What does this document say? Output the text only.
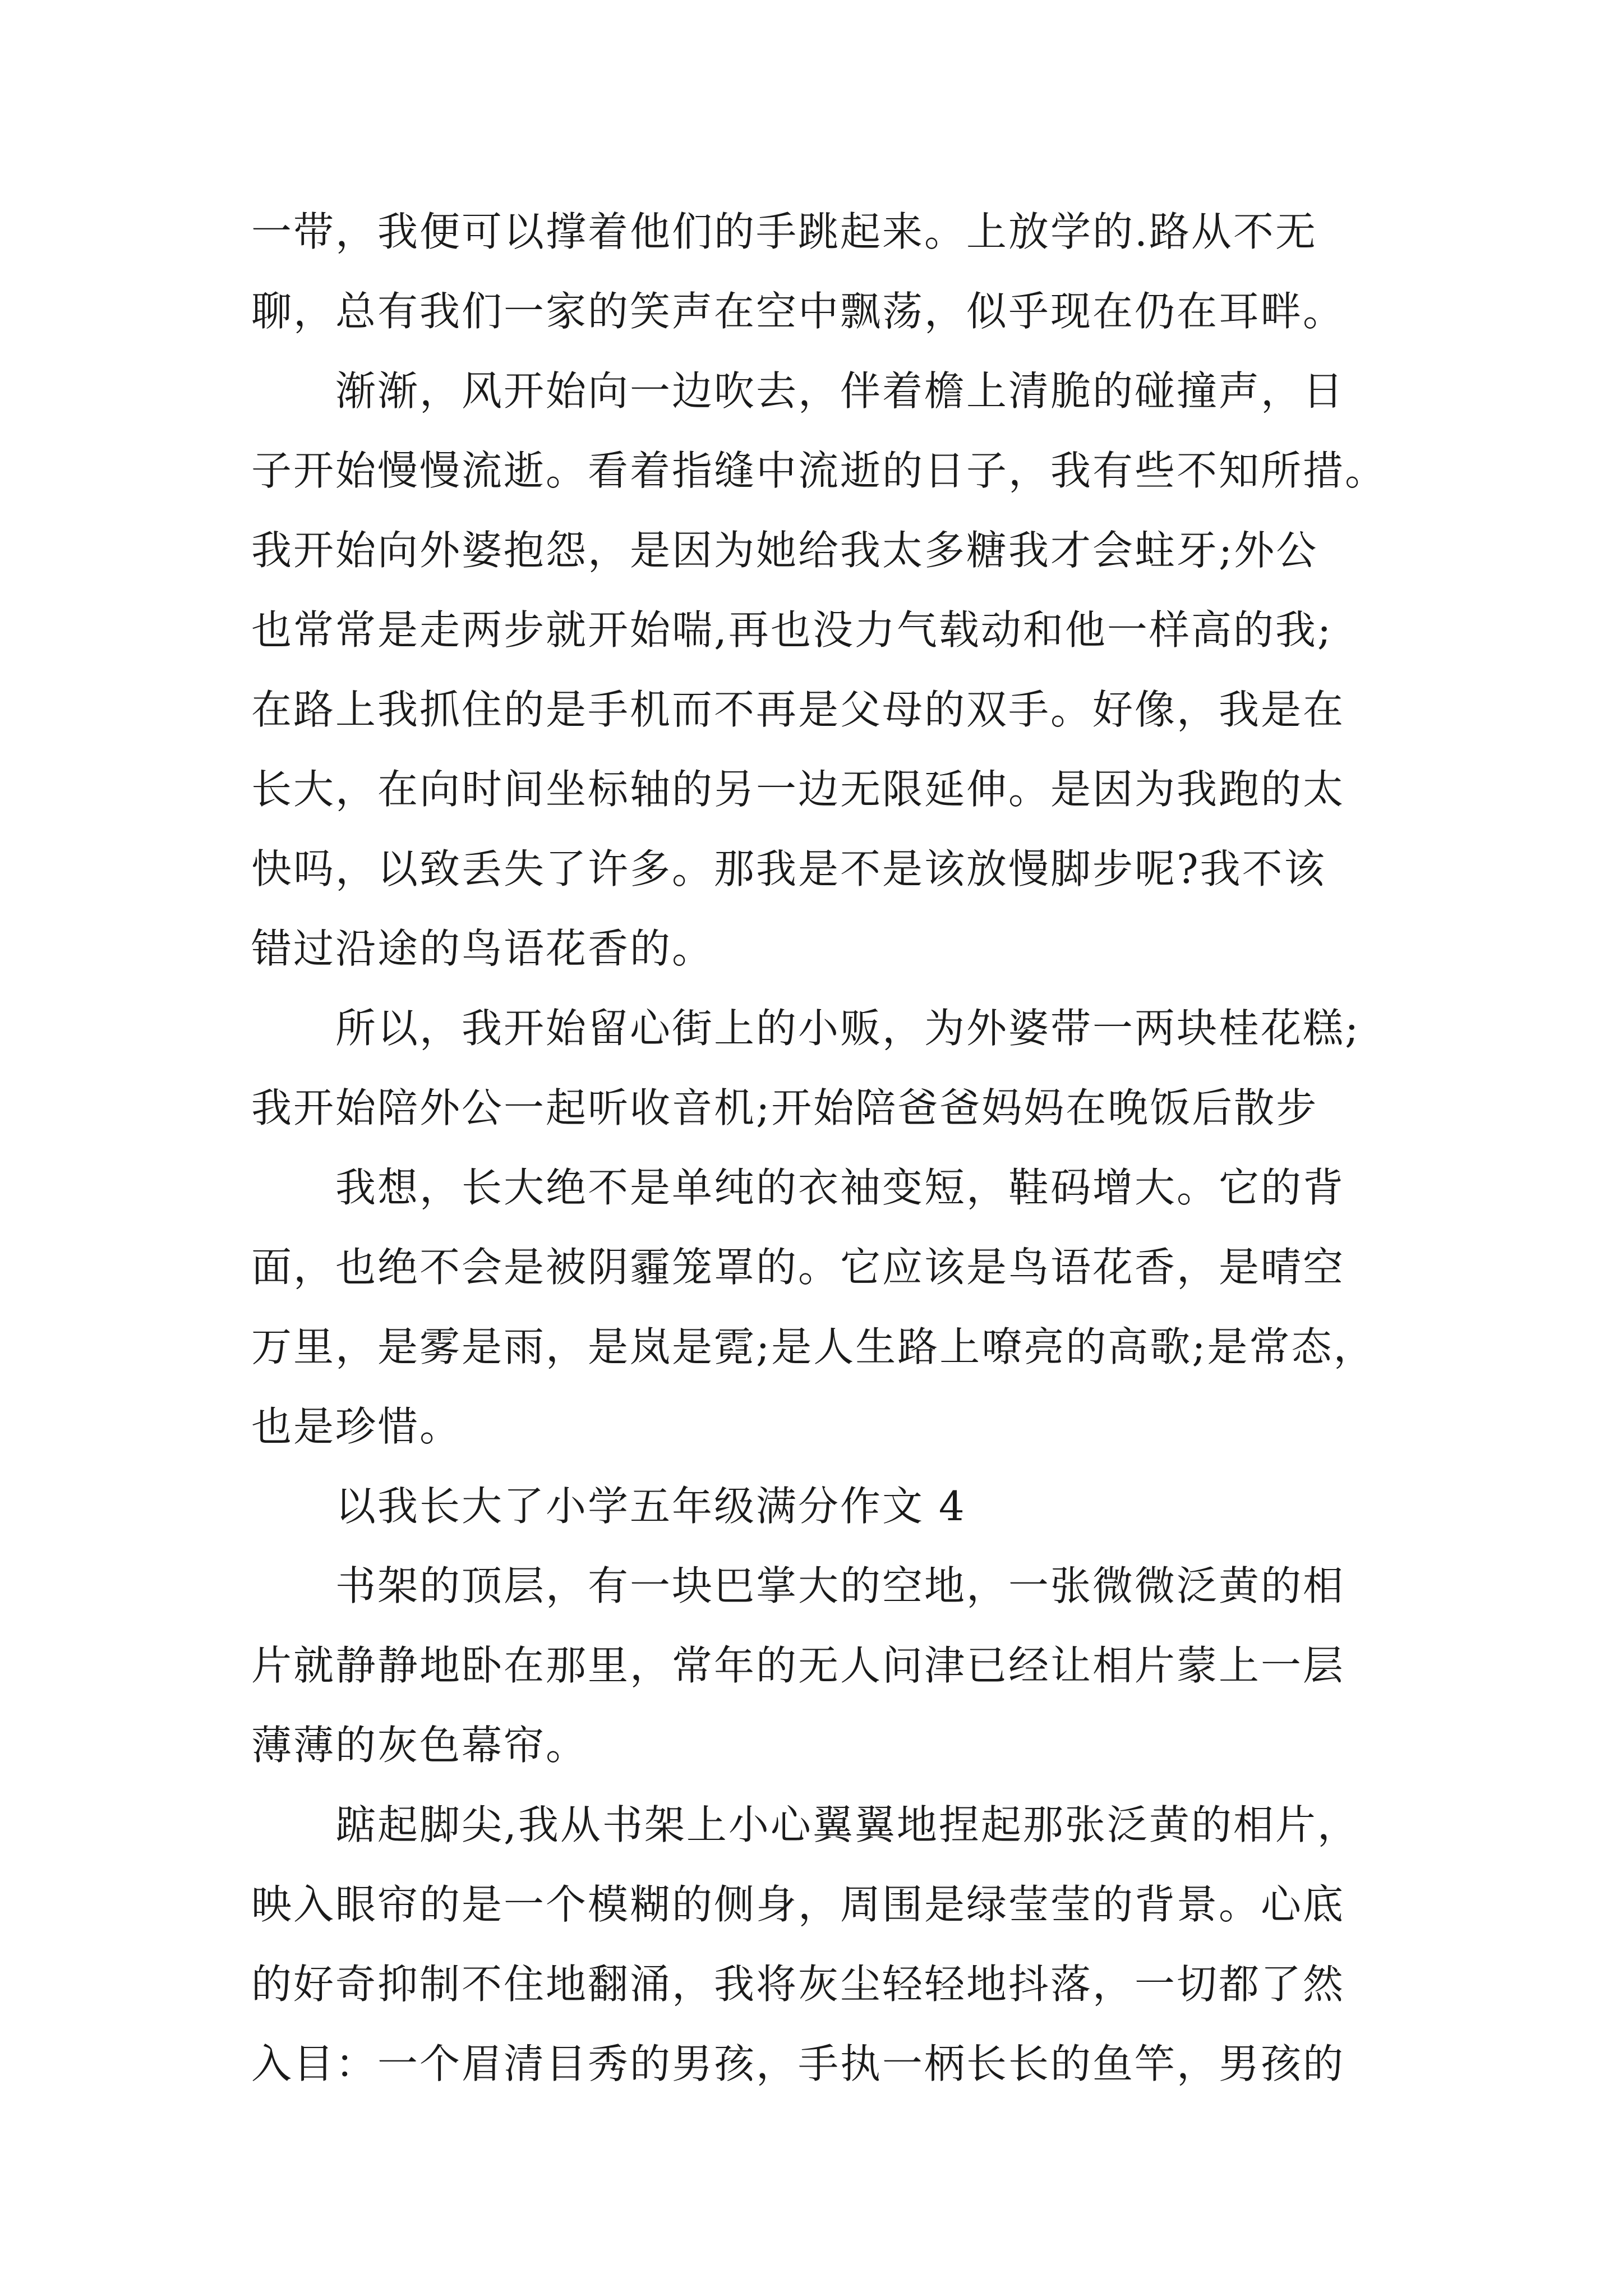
一带，我便可以撑着他们的手跳起来。上放学的.路从不无
聊，总有我们一家的笑声在空中飘荡，似乎现在仍在耳畔。
渐渐，风开始向一边吹去，伴着檐上清脆的碰撞声，日
子开始慢慢流逝。看着指缝中流逝的日子，我有些不知所措。
我开始向外婆抱怨，是因为她给我太多糖我才会蛀牙;外公
也常常是走两步就开始喘,再也没力气载动和他一样高的我;
在路上我抓住的是手机而不再是父母的双手。好像，我是在
长大，在向时间坐标轴的另一边无限延伸。是因为我跑的太
快吗，以致丢失了许多。那我是不是该放慢脚步呢?我不该
错过沿途的鸟语花香的。
所以，我开始留心街上的小贩，为外婆带一两块桂花糕;
我开始陪外公一起听收音机;开始陪爸爸妈妈在晚饭后散步
我想，长大绝不是单纯的衣袖变短，鞋码增大。它的背
面，也绝不会是被阴霾笼罩的。它应该是鸟语花香，是晴空
万里，是雾是雨，是岚是霓;是人生路上嘹亮的高歌;是常态，
也是珍惜。
以我长大了小学五年级满分作文 4
书架的顶层，有一块巴掌大的空地，一张微微泛黄的相
片就静静地卧在那里，常年的无人问津已经让相片蒙上一层
薄薄的灰色幕帘。
踮起脚尖,我从书架上小心翼翼地捏起那张泛黄的相片，
映入眼帘的是一个模糊的侧身，周围是绿莹莹的背景。心底
的好奇抑制不住地翻涌，我将灰尘轻轻地抖落，一切都了然
入目：一个眉清目秀的男孩，手执一柄长长的鱼竿，男孩的
